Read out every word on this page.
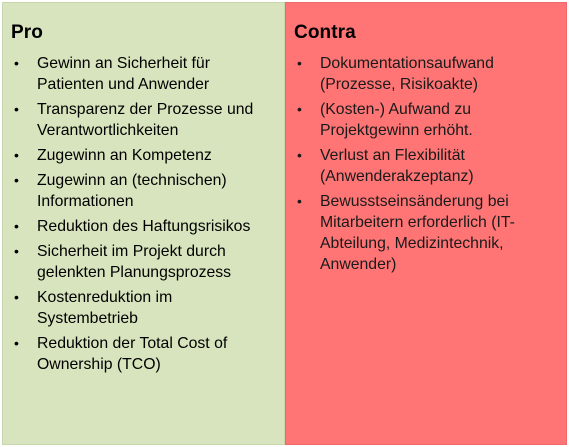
Pro
•	Gewinn an Sicherheit für Patienten und Anwender
•	Transparenz der Prozesse und Verantwortlichkeiten
•	Zugewinn an Kompetenz
•	Zugewinn an (technischen) Informationen
•	Reduktion des Haftungsrisikos
•	Sicherheit im Projekt durch gelenkten Planungsprozess
•	Kostenreduktion im Systembetrieb
•	Reduktion der Total Cost of Ownership (TCO)
Contra
•	Dokumentationsaufwand (Prozesse, Risikoakte)
•	(Kosten-) Aufwand zu Projektgewinn erhöht.
•	Verlust an Flexibilität (Anwenderakzeptanz)
•	Bewusstseinsänderung bei Mitarbeitern erforderlich (IT-Abteilung, Medizintechnik, Anwender)
